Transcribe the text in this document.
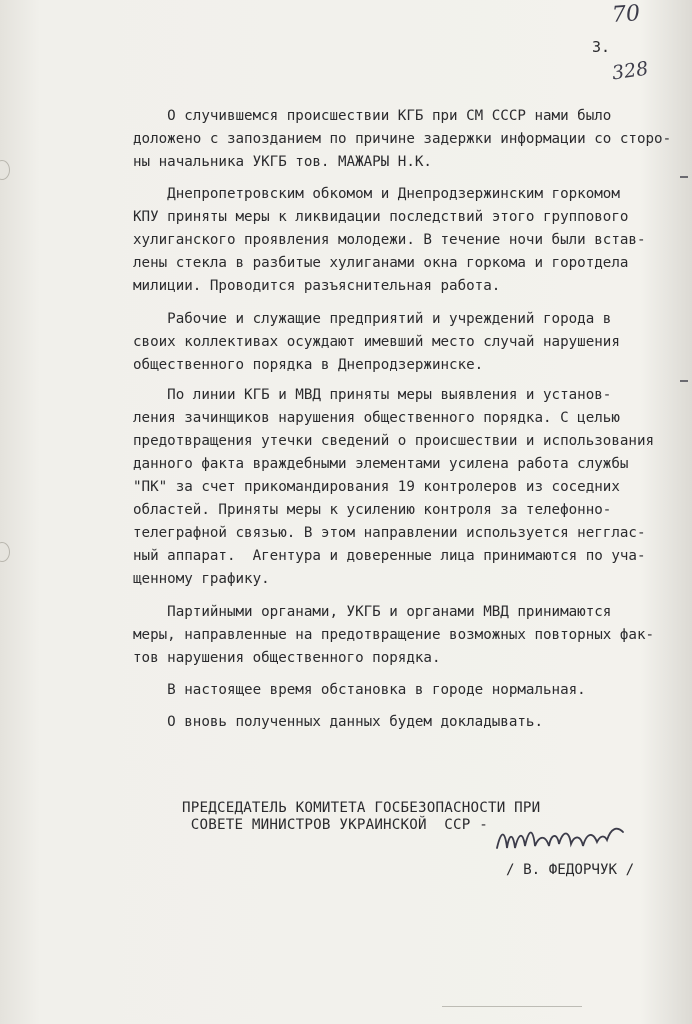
70
328
3.

О случившемся происшествии КГБ при СМ СССР нами было
доложено с запозданием по причине задержки информации со сторо-
ны начальника УКГБ тов. МАЖАРЫ Н.К.

Днепропетровским обкомом и Днепродзержинским горкомом
КПУ приняты меры к ликвидации последствий этого группового
хулиганского проявления молодежи. В течение ночи были встав-
лены стекла в разбитые хулиганами окна горкома и горотдела
милиции. Проводится разъяснительная работа.

Рабочие и служащие предприятий и учреждений города в
своих коллективах осуждают имевший место случай нарушения
общественного порядка в Днепродзержинске.

По линии КГБ и МВД приняты меры выявления и установ-
ления зачинщиков нарушения общественного порядка. С целью
предотвращения утечки сведений о происшествии и использования
данного факта враждебными элементами усилена работа службы
"ПК" за счет прикомандирования 19 контролеров из соседних
областей. Приняты меры к усилению контроля за телефонно-
телеграфной связью. В этом направлении используется негглас-
ный аппарат.  Агентура и доверенные лица принимаются по уча-
щенному графику.

Партийными органами, УКГБ и органами МВД принимаются
меры, направленные на предотвращение возможных повторных фак-
тов нарушения общественного порядка.

В настоящее время обстановка в городе нормальная.

О вновь полученных данных будем докладывать.

ПРЕДСЕДАТЕЛЬ КОМИТЕТА ГОСБЕЗОПАСНОСТИ ПРИ
СОВЕТЕ МИНИСТРОВ УКРАИНСКОЙ  ССР -
/ В. ФЕДОРЧУК /
